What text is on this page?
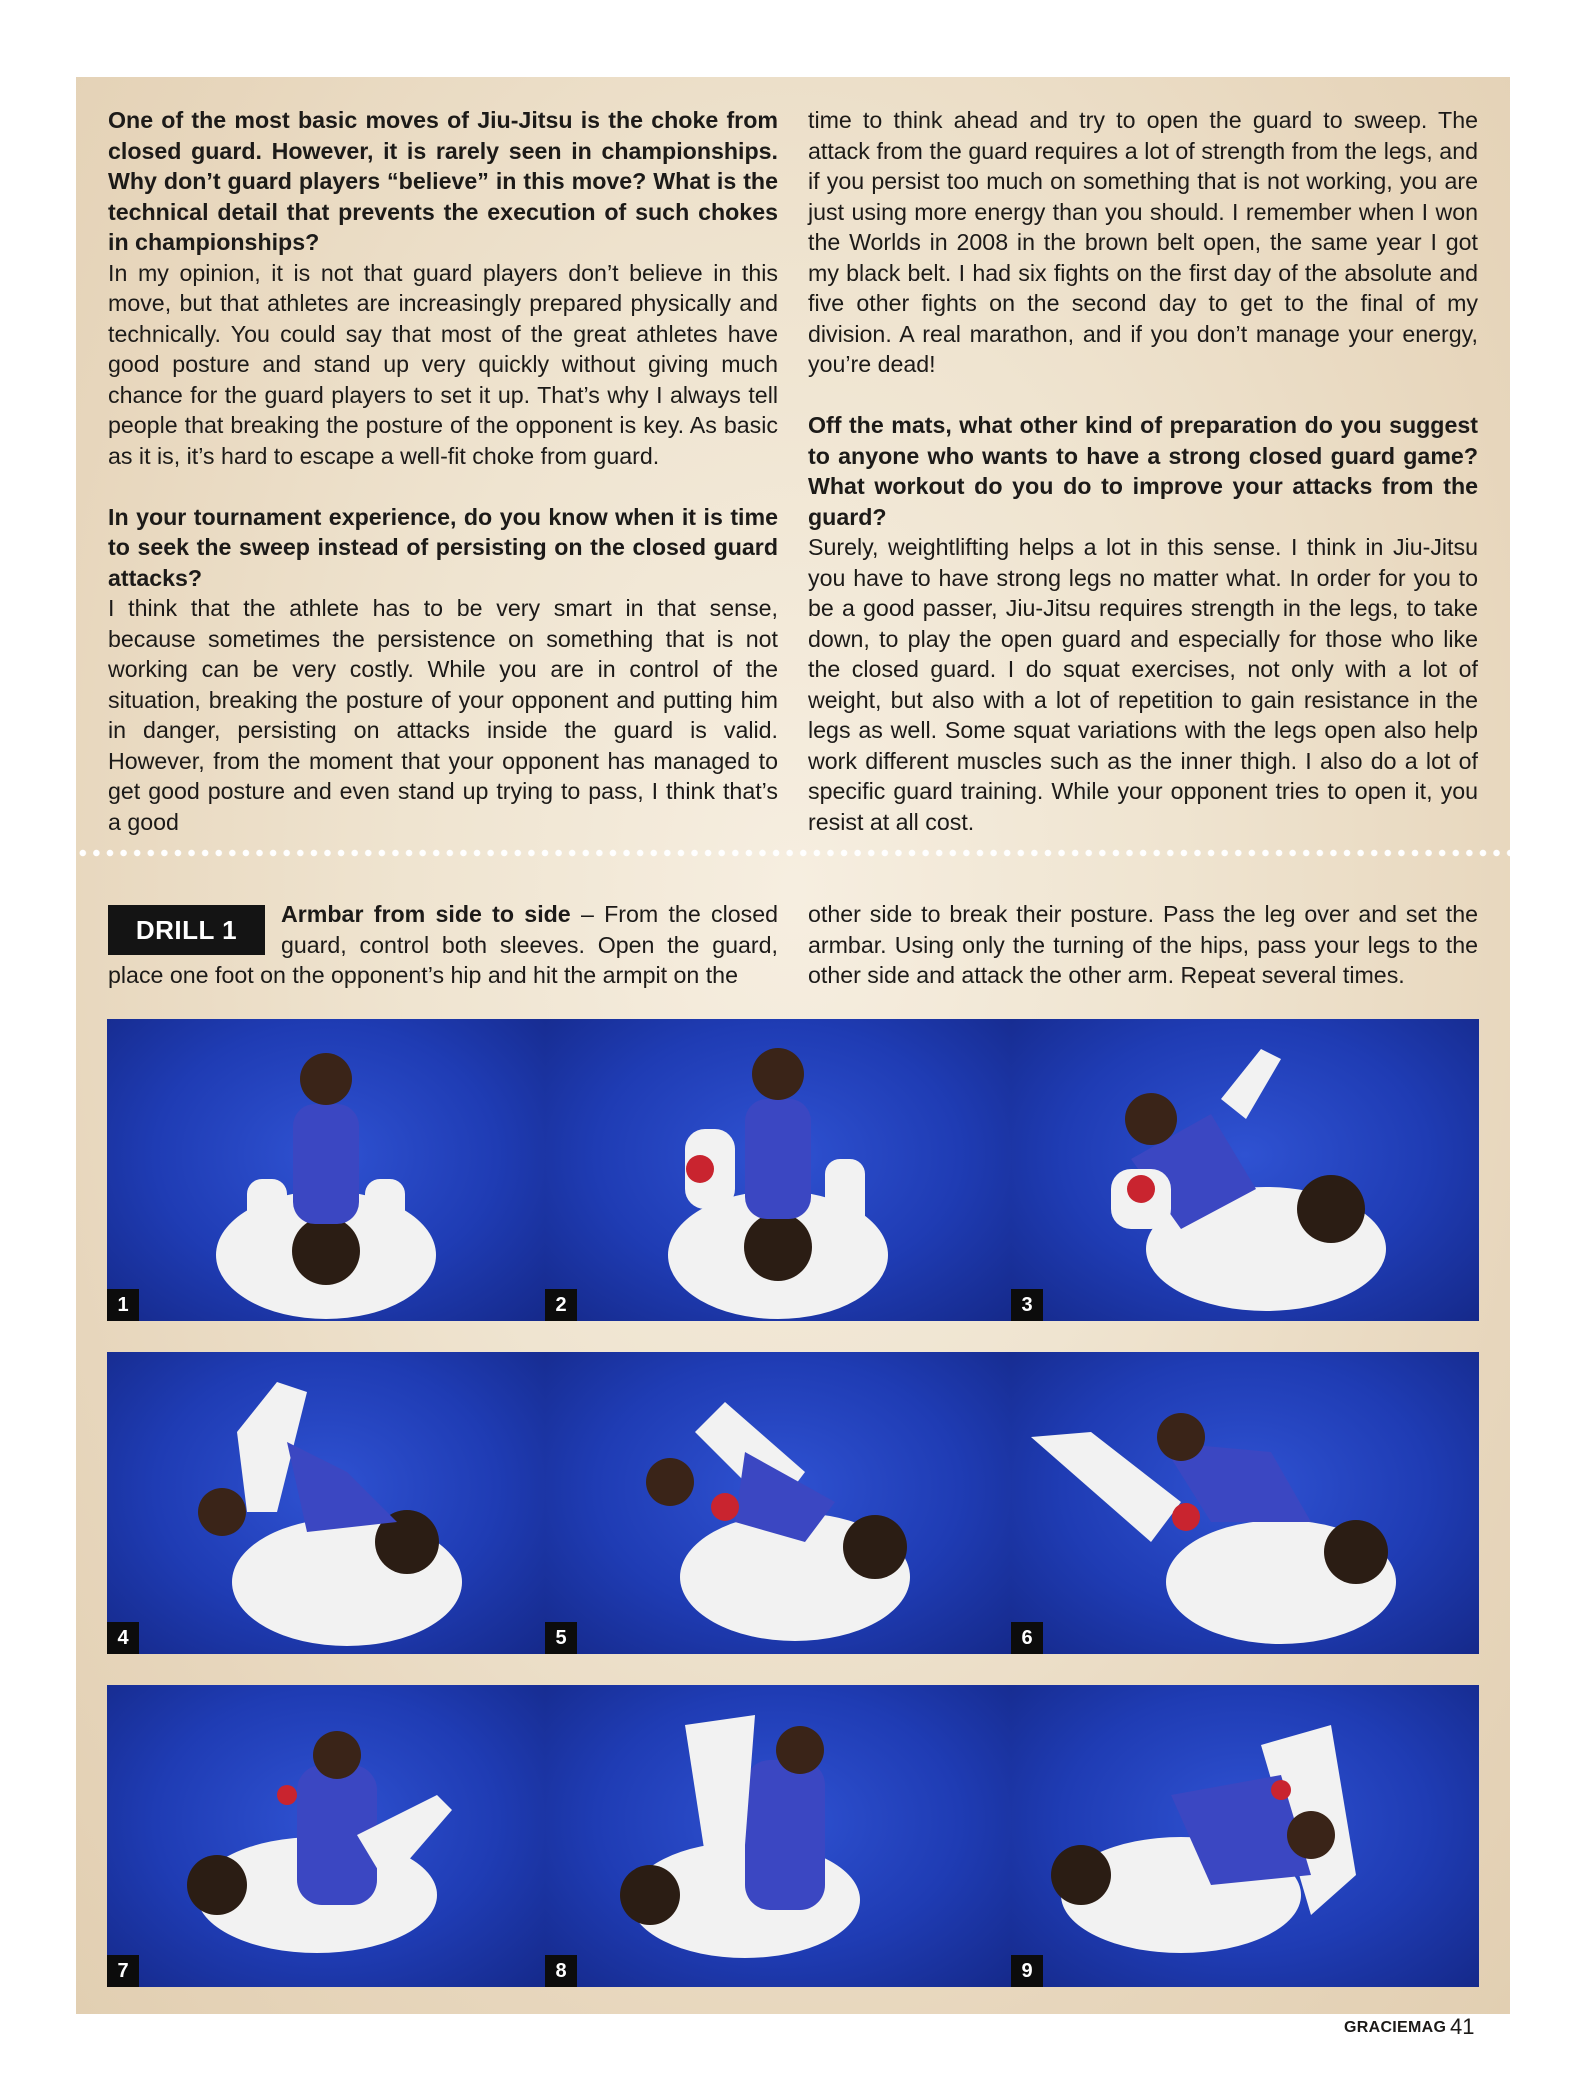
One of the most basic moves of Jiu-Jitsu is the choke from closed guard. However, it is rarely seen in championships. Why don’t guard players “believe” in this move? What is the technical detail that prevents the execution of such chokes in championships?

In my opinion, it is not that guard players don’t believe in this move, but that athletes are increasingly prepared physically and technically. You could say that most of the great athletes have good posture and stand up very quickly without giving much chance for the guard players to set it up. That’s why I always tell people that breaking the posture of the opponent is key. As basic as it is, it’s hard to escape a well-fit choke from guard.

In your tournament experience, do you know when it is time to seek the sweep instead of persisting on the closed guard attacks?

I think that the athlete has to be very smart in that sense, because sometimes the persistence on something that is not working can be very costly. While you are in control of the situation, breaking the posture of your opponent and putting him in danger, persisting on attacks inside the guard is valid. However, from the moment that your opponent has managed to get good posture and even stand up trying to pass, I think that’s a good

time to think ahead and try to open the guard to sweep. The attack from the guard requires a lot of strength from the legs, and if you persist too much on something that is not working, you are just using more energy than you should. I remember when I won the Worlds in 2008 in the brown belt open, the same year I got my black belt. I had six fights on the first day of the absolute and five other fights on the second day to get to the final of my division. A real marathon, and if you don’t manage your energy, you’re dead!

Off the mats, what other kind of preparation do you suggest to anyone who wants to have a strong closed guard game? What workout do you do to improve your attacks from the guard?

Surely, weightlifting helps a lot in this sense. I think in Jiu-Jitsu you have to have strong legs no matter what. In order for you to be a good passer, Jiu-Jitsu requires strength in the legs, to take down, to play the open guard and especially for those who like the closed guard. I do squat exercises, not only with a lot of weight, but also with a lot of repetition to gain resistance in the legs as well. Some squat variations with the legs open also help work different muscles such as the inner thigh. I also do a lot of specific guard training. While your opponent tries to open it, you resist at all cost.

Armbar from side to side – From the closed guard, control both sleeves. Open the guard, place one foot on the opponent’s hip and hit the armpit on the

DRILL 1

other side to break their posture. Pass the leg over and set the armbar. Using only the turning of the hips, pass your legs to the other side and attack the other arm. Repeat several times.

1	2	3
4	5	6
7	8	9
GRACIEMAG 41
